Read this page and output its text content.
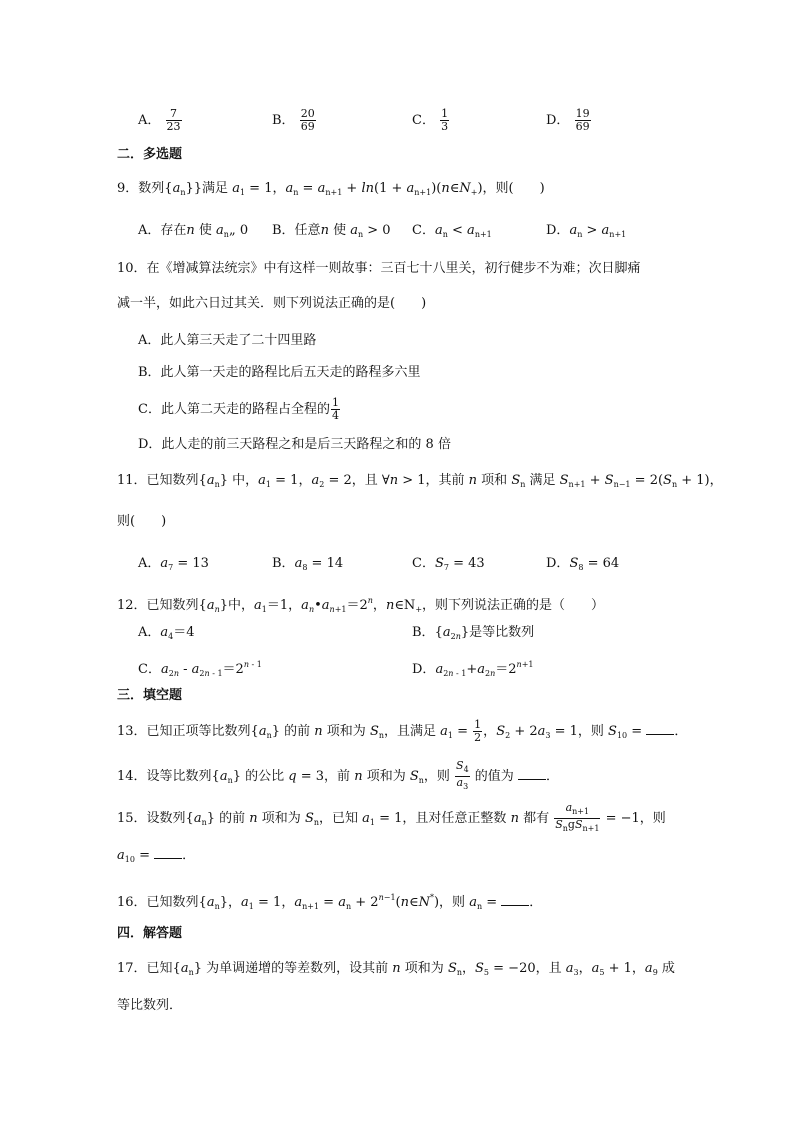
A． $\frac{7}{23}$	B． $\frac{20}{69}$	C． $\frac{1}{3}$	D． $\frac{19}{69}$
二．多选题
9．数列$\{a_n\}$}满足 $a_1 = 1$，$a_n = a_{n+1} + \ln(1$ + $a_{n+1})(n\in N_+)$，则(　　)
A．存在n 使 $a_n„$ 0 B．任意n 使 $a_n > 0$ C．$a_n < a_{n+1}$	D．$a_n > a_{n+1}$
10．在《增减算法统宗》中有这样一则故事：三百七十八里关，初行健步不为难；次日脚痛
减一半，如此六日过其关．则下列说法正确的是(　　)
A．此人第三天走了二十四里路
B．此人第一天走的路程比后五天走的路程多六里
C．此人第二天走的路程占全程的 $\frac{1}{4}$
D．此人走的前三天路程之和是后三天路程之和的 8 倍
11．已知数列$\{a_n\}$ 中，$a_1 = 1$，$a_2 = 2$，且 ∀n > 1，其前 n 项和 $S_n$ 满足 $S_{n+1} + S_{n-1} = 2(S_n + 1)$，
则(　　)
A．$a_7 = 13$	B．$a_8 = 14$	C．$S_7 = 43$	D．$S_8 = 64$
12．已知数列$\{a_n\}$中，$a_1=1$，$a_n•a_{n+1}=2^n$，$n\in N_+$，则下列说法正确的是（　　）
A．$a_4=4$	B．$\{a_{2n}\}$是等比数列
C．$a_{2n} - a_{2n - 1}=2^{n - 1}$	D．$a_{2n - 1}+a_{2n}=2^{n+1}$
三．填空题
13．已知正项等比数列$\{a_n\}$ 的前 n 项和为 $S_n$，且满足 $a_1 = \frac{1}{2}$ ，$S_2 + 2a_3 = 1$，则 $S_{10}$ = ．
14．设等比数列$\{a_n\}$ 的公比 q = 3，前 n 项和为 $S_n$，则 $\frac{S_4}{a_3}$ 的值为 ．
15．设数列$\{a_n\}$ 的前 n 项和为 $S_n$，已知 $a_1 = 1$，且对任意正整数 n 都有 $\frac{a_{n+1}}{S_ngS_{n+1}} = -1$，则
$a_{10}$ = ．
16．已知数列$\{a_n\}$，$a_1 = 1$，$a_{n+1} = a_n$ + $2^{n-1}(n\in N^*)$，则 $a_n$ = ．
四．解答题
17．已知$\{a_n\}$ 为单调递增的等差数列，设其前 n 项和为 $S_n$，$S_5 = -20$，且 $a_3$，$a_5 + 1$，$a_9$ 成
等比数列．
